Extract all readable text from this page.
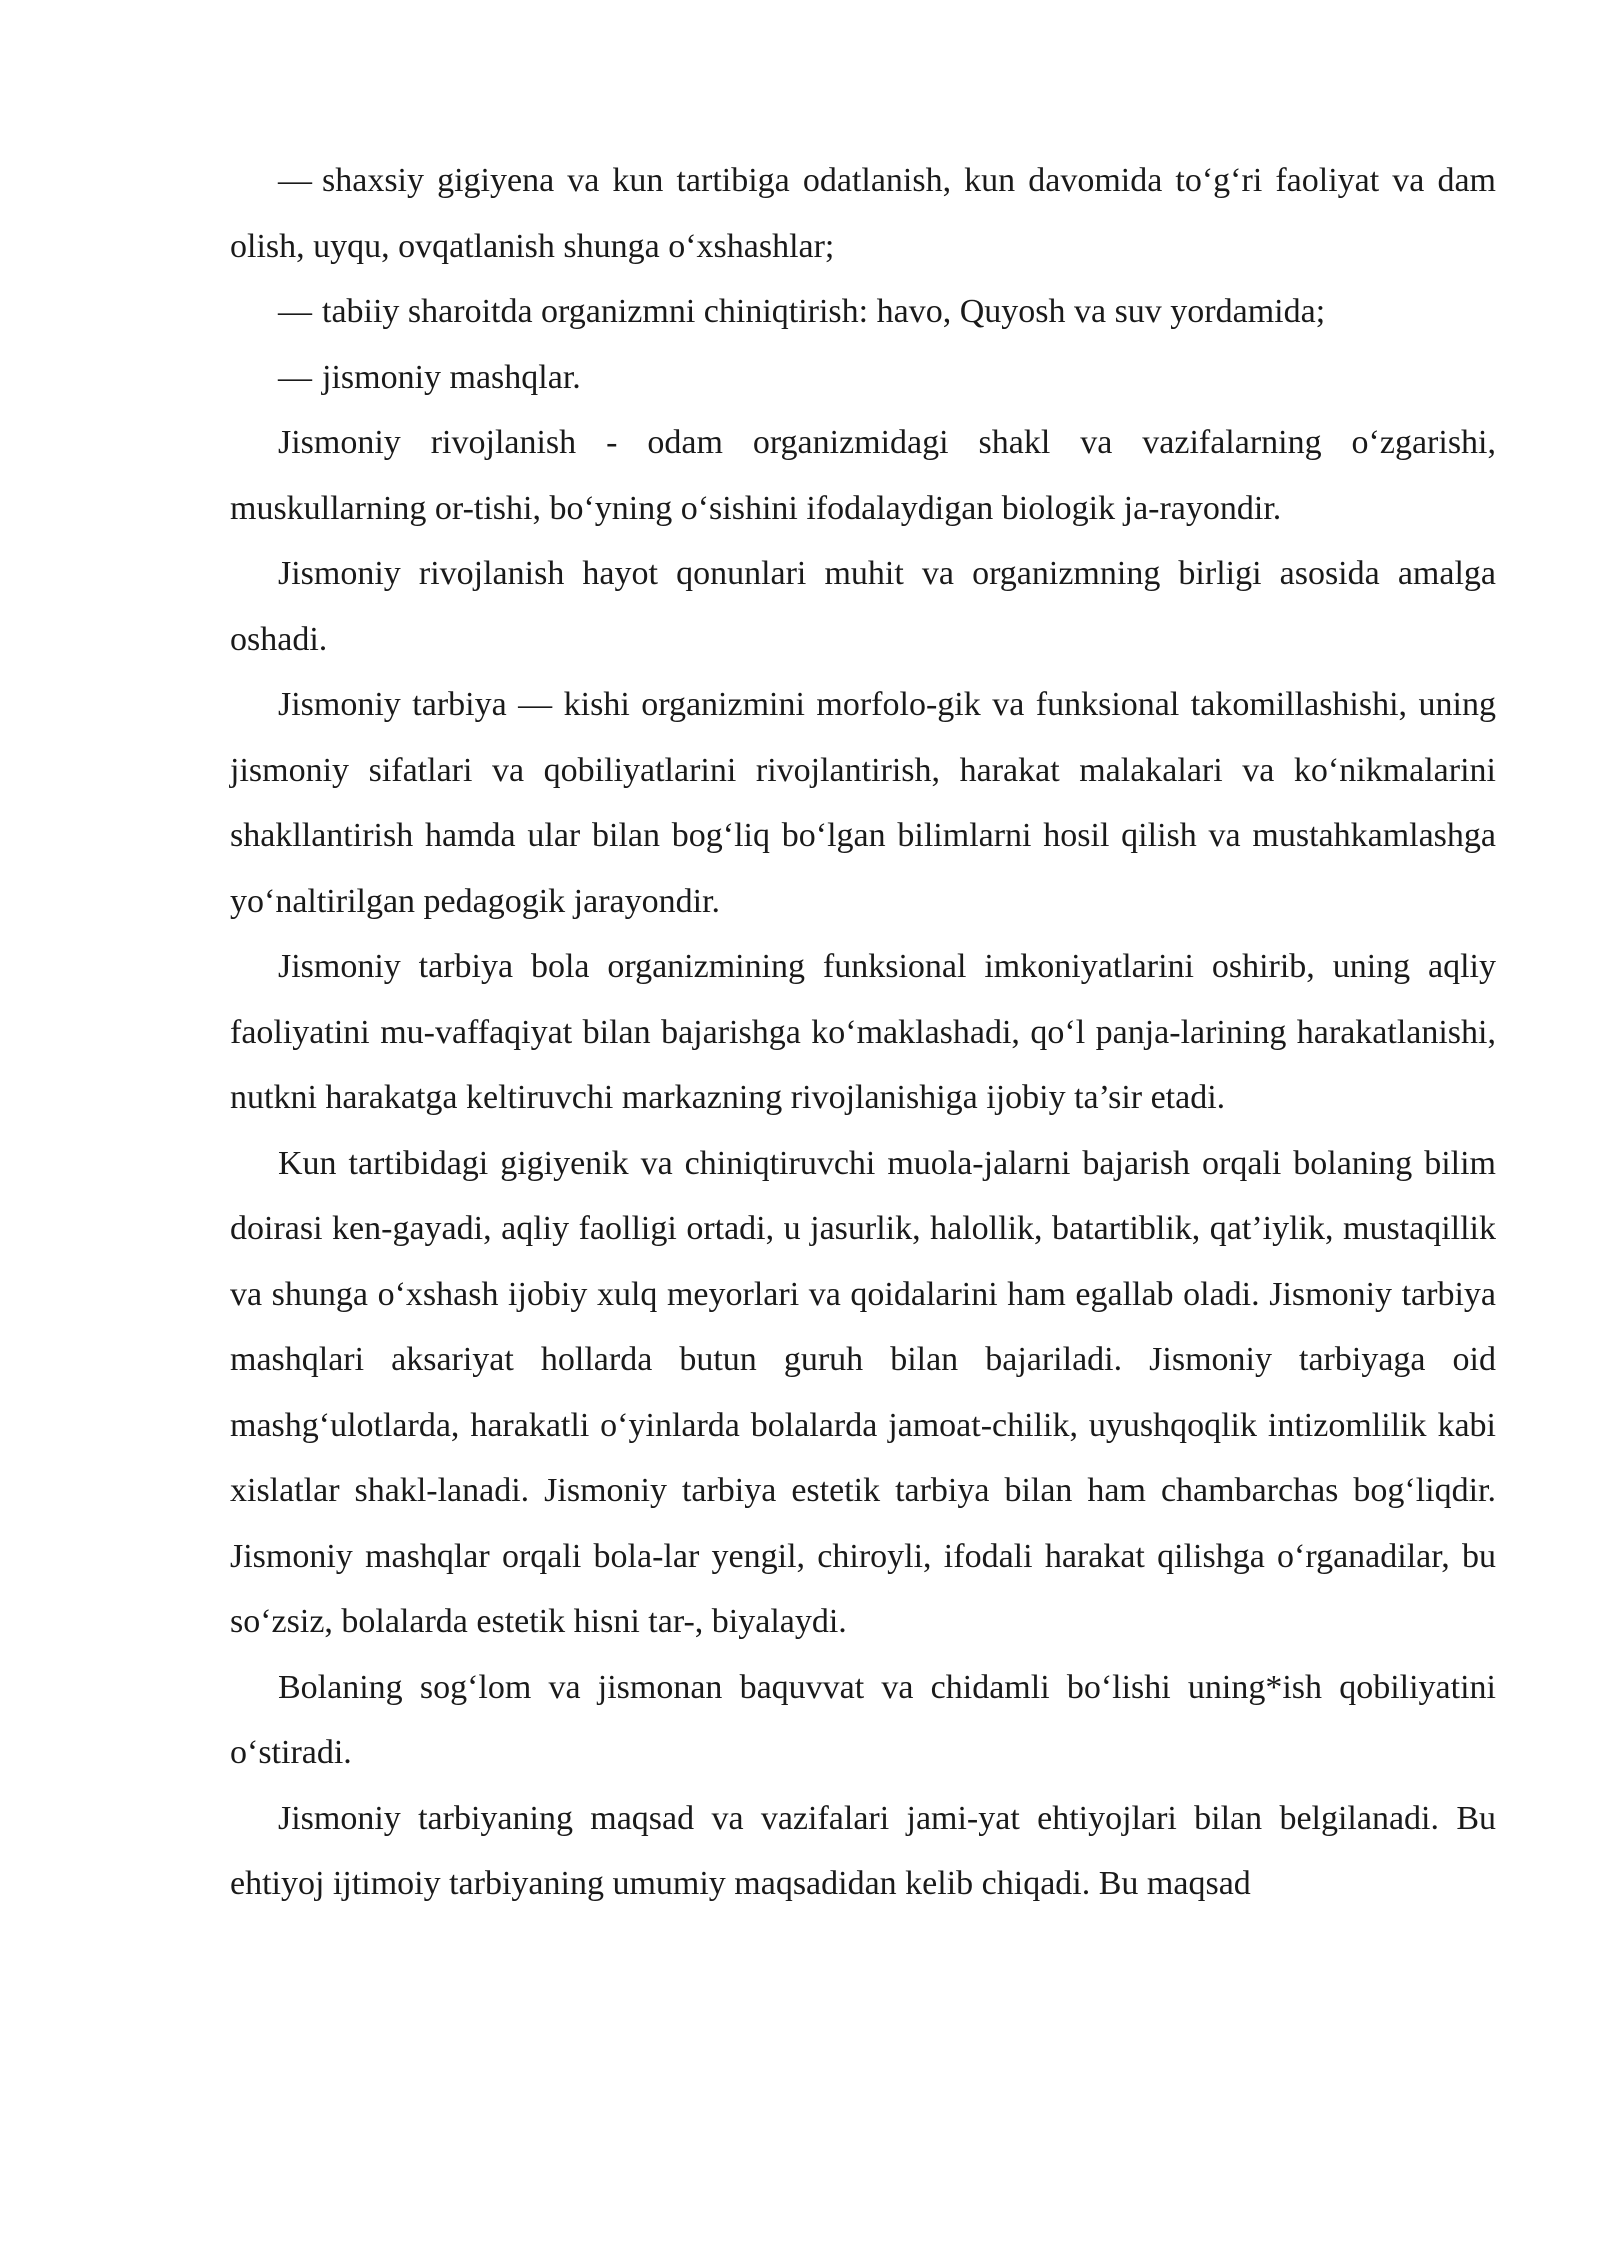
— shaxsiy gigiyena va kun tartibiga odatlanish, kun davomida to‘g‘ri faoliyat va dam olish, uyqu, ovqatlanish shunga o‘xshashlar;

— tabiiy sharoitda organizmni chiniqtirish: havo, Quyosh va suv yordamida;

— jismoniy mashqlar.

Jismoniy rivojlanish - odam organizmidagi shakl va vazifalarning o‘zgarishi, muskullarning or-tishi, bo‘yning o‘sishini ifodalaydigan biologik ja-rayondir.

Jismoniy rivojlanish hayot qonunlari muhit va organizmning birligi asosida amalga oshadi.

Jismoniy tarbiya — kishi organizmini morfolo-gik va funksional takomillashishi, uning jismoniy sifatlari va qobiliyatlarini rivojlantirish, harakat malakalari va ko‘nikmalarini shakllantirish hamda ular bilan bog‘liq bo‘lgan bilimlarni hosil qilish va mustahkamlashga yo‘naltirilgan pedagogik jarayondir.

Jismoniy tarbiya bola organizmining funksional imkoniyatlarini oshirib, uning aqliy faoliyatini mu-vaffaqiyat bilan bajarishga ko‘maklashadi, qo‘l panja-larining harakatlanishi, nutkni harakatga keltiruvchi markazning rivojlanishiga ijobiy ta’sir etadi.

Kun tartibidagi gigiyenik va chiniqtiruvchi muola-jalarni bajarish orqali bolaning bilim doirasi ken-gayadi, aqliy faolligi ortadi, u jasurlik, halollik, batartiblik, qat’iylik, mustaqillik va shunga o‘xshash ijobiy xulq meyorlari va qoidalarini ham egallab oladi. Jismoniy tarbiya mashqlari aksariyat hollarda butun guruh bilan bajariladi. Jismoniy tarbiyaga oid mashg‘ulotlarda, harakatli o‘yinlarda bolalarda jamoat-chilik, uyushqoqlik intizomlilik kabi xislatlar shakl-lanadi. Jismoniy tarbiya estetik tarbiya bilan ham chambarchas bog‘liqdir. Jismoniy mashqlar orqali bola-lar yengil, chiroyli, ifodali harakat qilishga o‘rganadilar, bu so‘zsiz, bolalarda estetik hisni tar-, biyalaydi.

Bolaning sog‘lom va jismonan baquvvat va chidamli bo‘lishi uning*ish qobiliyatini o‘stiradi.

Jismoniy tarbiyaning maqsad va vazifalari jami-yat ehtiyojlari bilan belgilanadi. Bu ehtiyoj ijtimoiy tarbiyaning umumiy maqsadidan kelib chiqadi. Bu maqsad
